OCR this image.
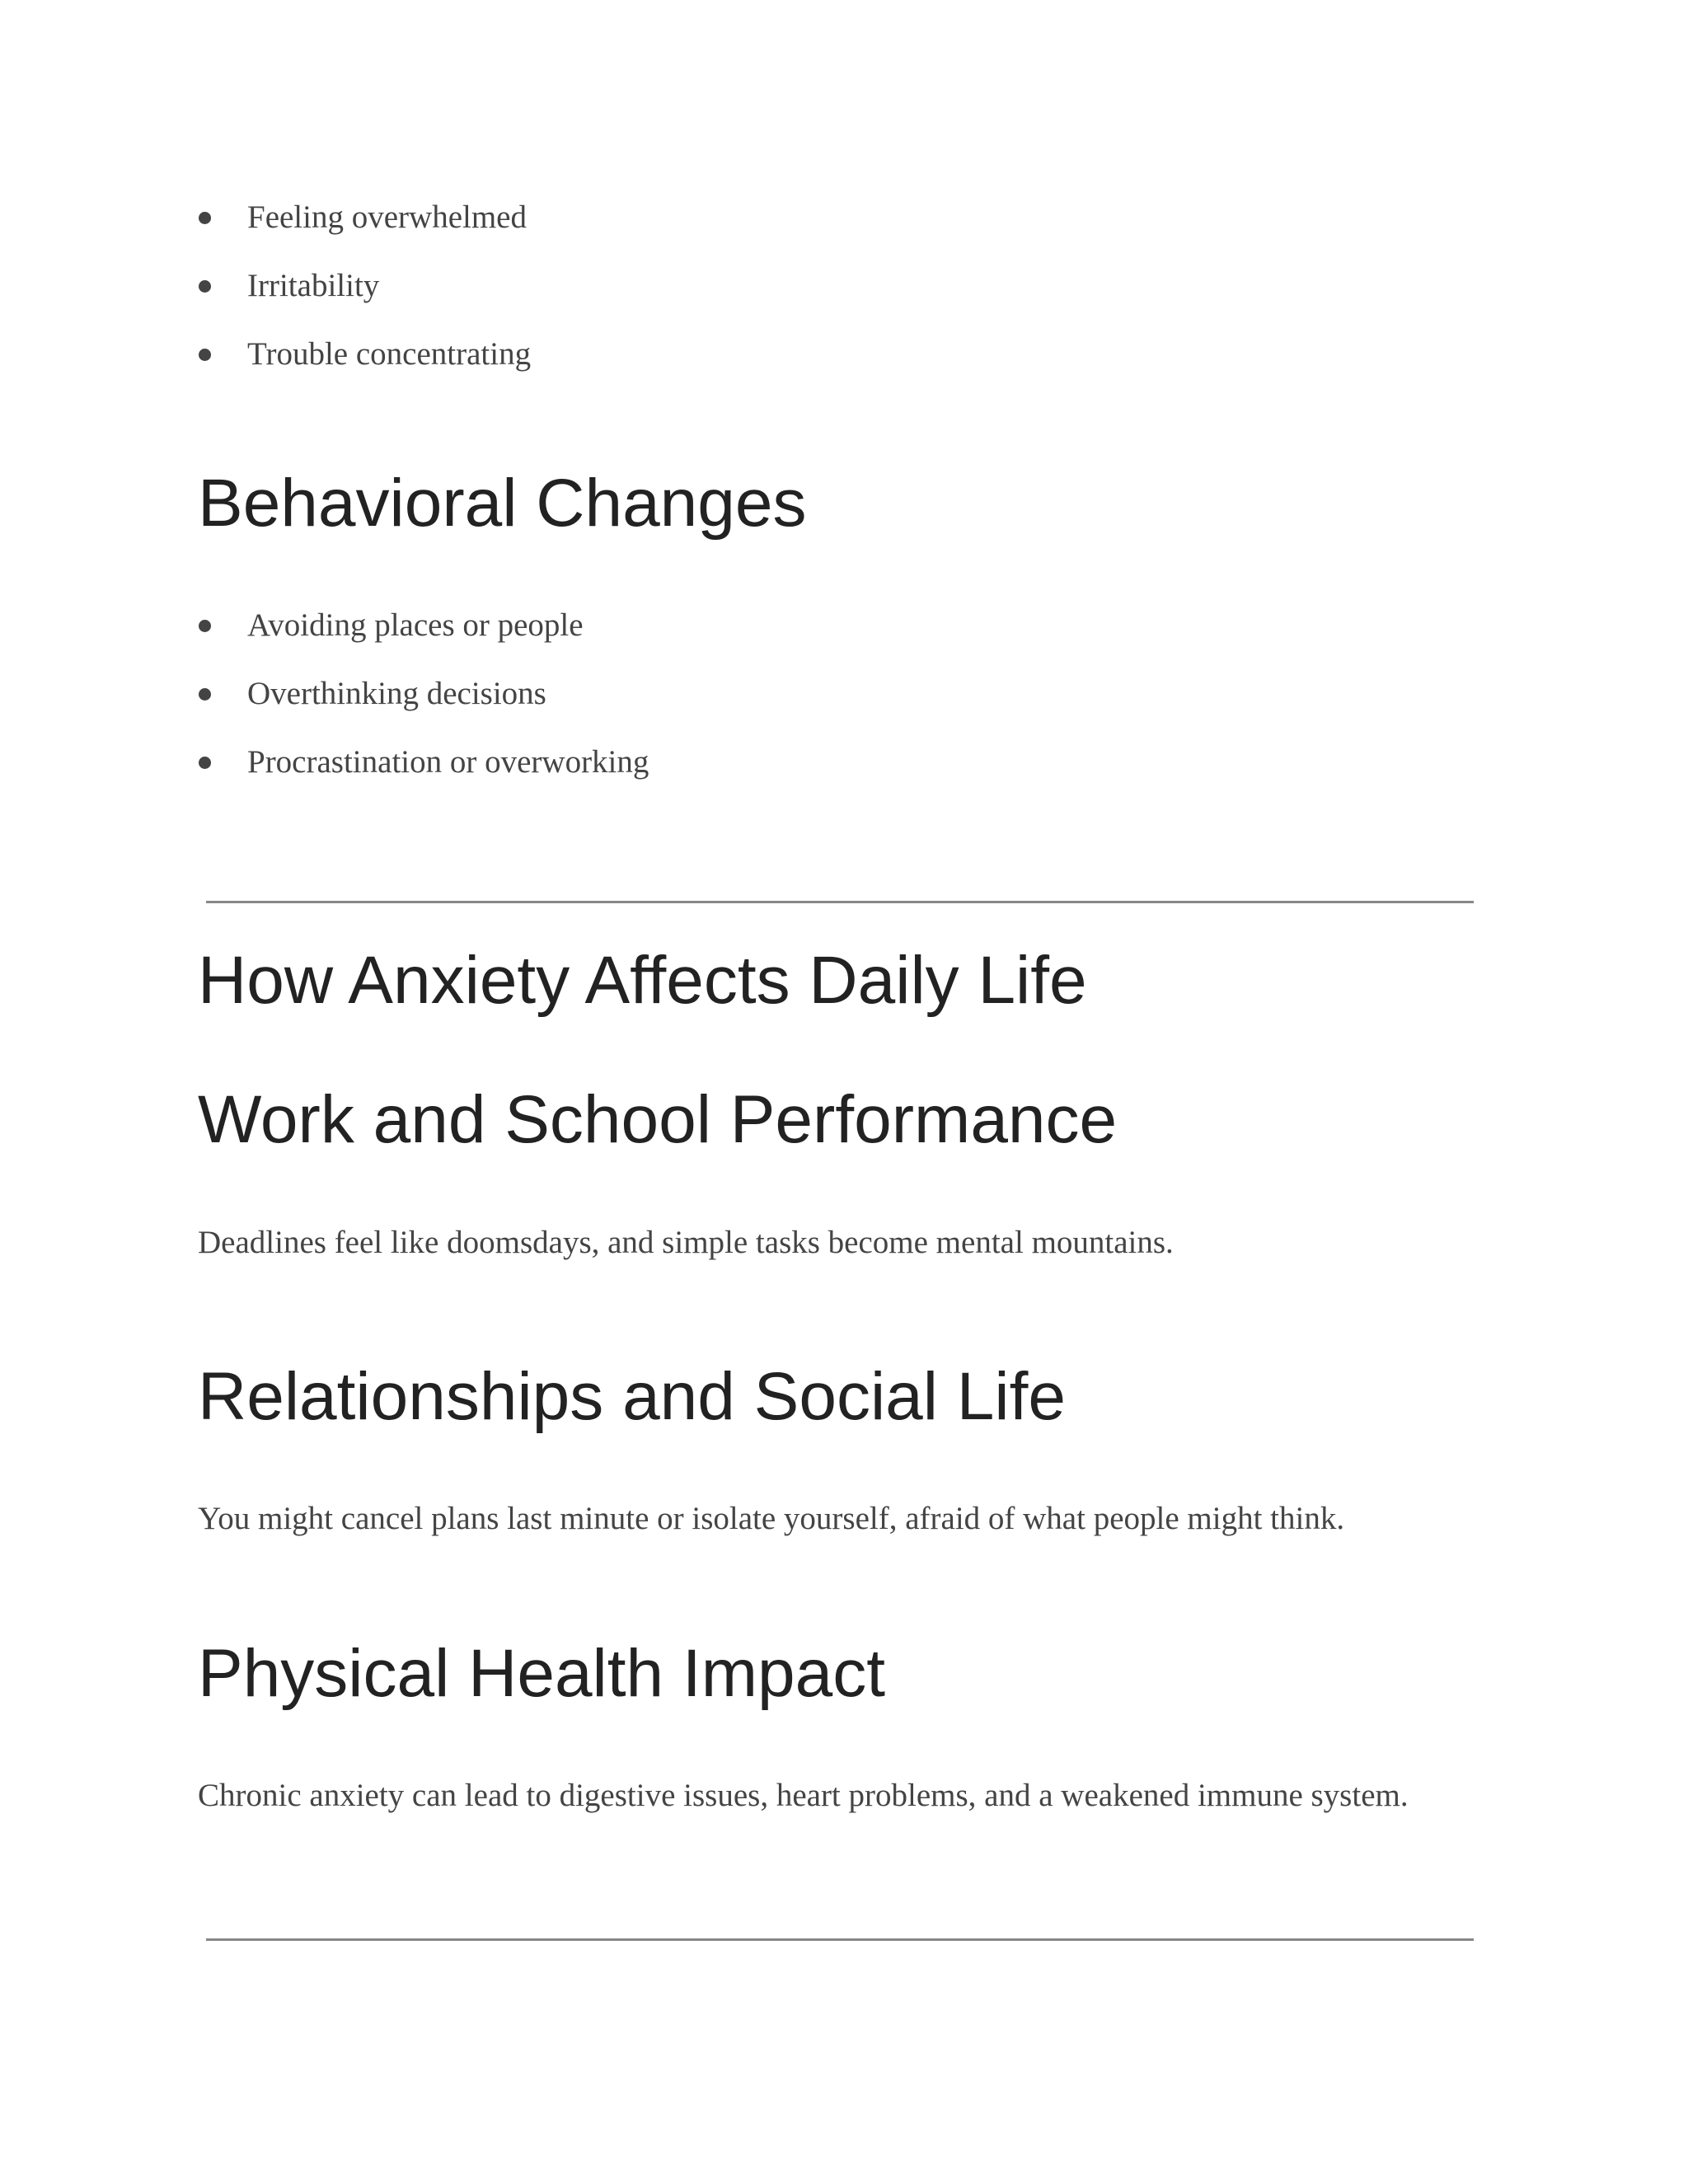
Feeling overwhelmed
Irritability
Trouble concentrating
Behavioral Changes
Avoiding places or people
Overthinking decisions
Procrastination or overworking
How Anxiety Affects Daily Life
Work and School Performance

Deadlines feel like doomsdays, and simple tasks become mental mountains.

Relationships and Social Life

You might cancel plans last minute or isolate yourself, afraid of what people might think.

Physical Health Impact

Chronic anxiety can lead to digestive issues, heart problems, and a weakened immune system.
